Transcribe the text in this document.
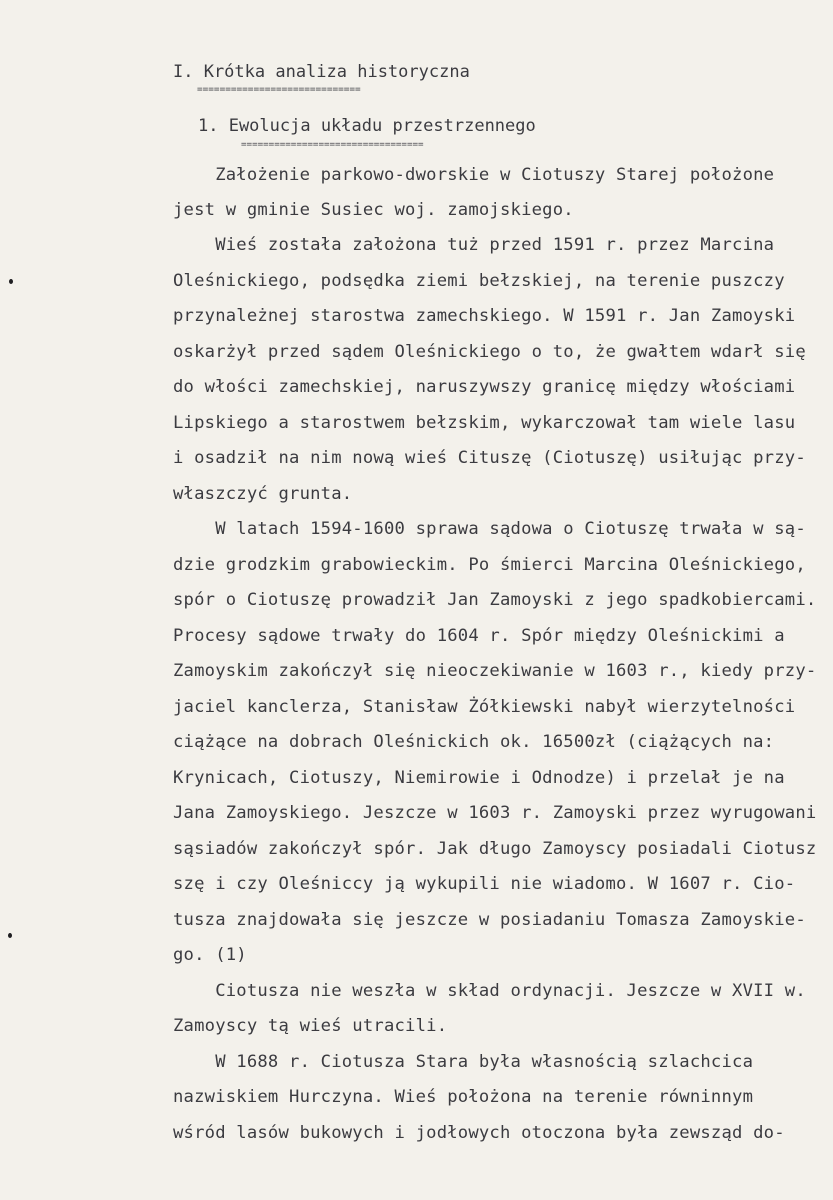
I. Krótka analiza historyczna
=============================
1. Ewolucja układu przestrzennego
=================================
Założenie parkowo-dworskie w Ciotuszy Starej położone
jest w gminie Susiec woj. zamojskiego.
Wieś została założona tuż przed 1591 r. przez Marcina
Oleśnickiego, podsędka ziemi bełzskiej, na terenie puszczy
przynależnej starostwa zamechskiego. W 1591 r. Jan Zamoyski
oskarżył przed sądem Oleśnickiego o to, że gwałtem wdarł się
do włości zamechskiej, naruszywszy granicę między włościami
Lipskiego a starostwem bełzskim, wykarczował tam wiele lasu
i osadził na nim nową wieś Cituszę (Ciotuszę) usiłując przy-
właszczyć grunta.
W latach 1594-1600 sprawa sądowa o Ciotuszę trwała w są-
dzie grodzkim grabowieckim. Po śmierci Marcina Oleśnickiego,
spór o Ciotuszę prowadził Jan Zamoyski z jego spadkobiercami.
Procesy sądowe trwały do 1604 r. Spór między Oleśnickimi a
Zamoyskim zakończył się nieoczekiwanie w 1603 r., kiedy przy-
jaciel kanclerza, Stanisław Żółkiewski nabył wierzytelności
ciążące na dobrach Oleśnickich ok. 16500zł (ciążących na:
Krynicach, Ciotuszy, Niemirowie i Odnodze) i przelał je na
Jana Zamoyskiego. Jeszcze w 1603 r. Zamoyski przez wyrugowani
sąsiadów zakończył spór. Jak długo Zamoyscy posiadali Ciotusz
szę i czy Oleśniccy ją wykupili nie wiadomo. W 1607 r. Cio-
tusza znajdowała się jeszcze w posiadaniu Tomasza Zamoyskie-
go. (1)
Ciotusza nie weszła w skład ordynacji. Jeszcze w XVII w.
Zamoyscy tą wieś utracili.
W 1688 r. Ciotusza Stara była własnością szlachcica
nazwiskiem Hurczyna. Wieś położona na terenie równinnym
wśród lasów bukowych i jodłowych otoczona była zewsząd do-
